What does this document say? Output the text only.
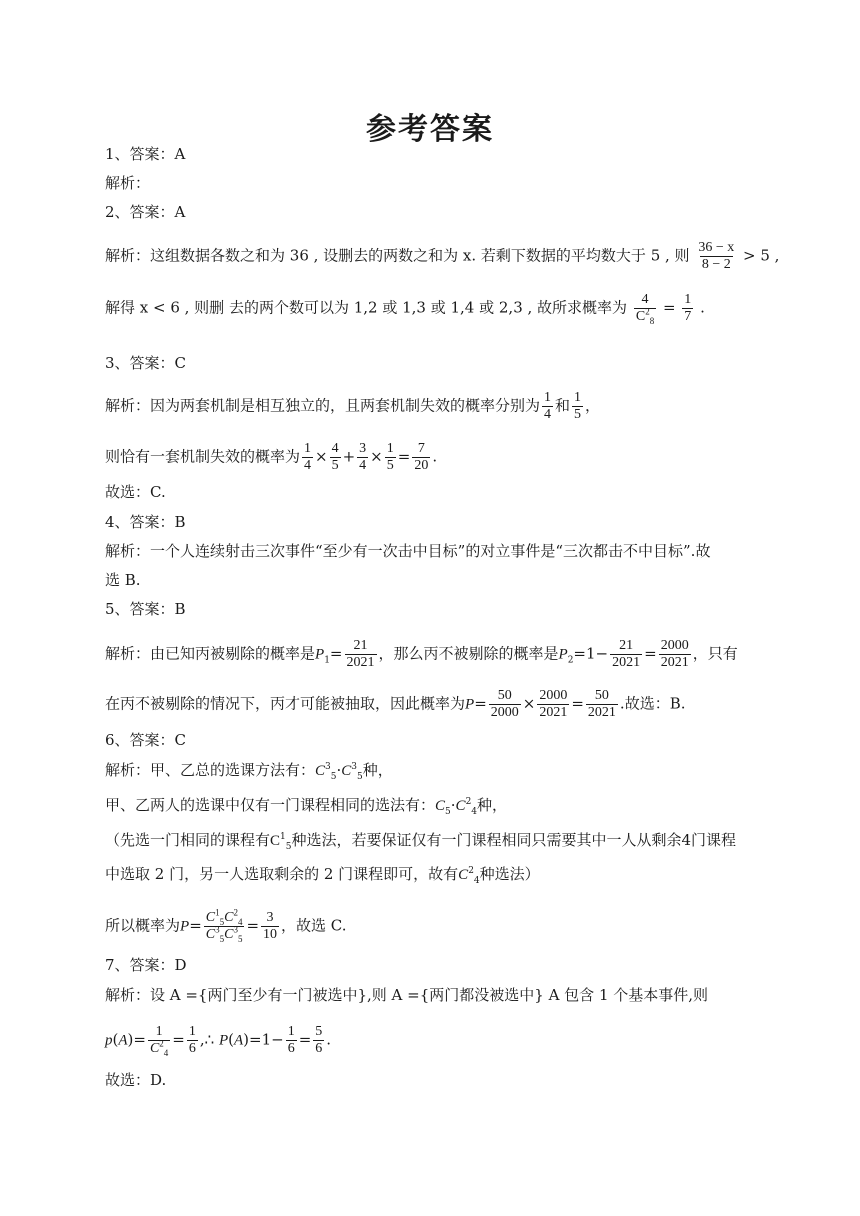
参考答案
1、答案：A
解析：
2、答案：A
解析：这组数据各数之和为 36 , 设删去的两数之和为 x. 若剩下数据的平均数大于 5 , 则 $\frac{36 - x}{8 - 2} > 5$ ,
解得 x < 6 , 则删 去的两个数可以为 1,2 或 1,3 或 1,4 或 2,3 , 故所求概率为 $\frac{4}{C^2_8} = \frac{1}{7}$ .
3、答案：C
解析：因为两套机制是相互独立的，且两套机制失效的概率分别为 $\frac{1}{4}$ 和 $\frac{1}{5}$ ，
则恰有一套机制失效的概率为 $\frac{1}{4} \times \frac{4}{5} + \frac{3}{4} \times \frac{1}{5} = \frac{7}{20}$ .
故选：C.
4、答案：B
解析：一个人连续射击三次事件“至少有一次击中目标”的对立事件是“三次都击不中目标”.故
选 B.
5、答案：B
解析：由已知丙被剔除的概率是$P_1= \frac{21}{2021}$ ，那么丙不被剔除的概率是$P_2=1- \frac{21}{2021} = \frac{2000}{2021}$ ，只有
在丙不被剔除的情况下，丙才可能被抽取，因此概率为$P= \frac{50}{2000} \times \frac{2000}{2021} = \frac{50}{2021}$ .故选：B.
6、答案：C
解析：甲、乙总的选课方法有：$C^3_5\cdot C^3_5$种，
甲、乙两人的选课中仅有一门课程相同的选法有：$C_5\cdot C^2_4$种，
（先选一门相同的课程有$C^1_5$种选法，若要保证仅有一门课程相同只需要其中一人从剩余4门课程
中选取 2 门，另一人选取剩余的 2 门课程即可，故有$C^2_4$种选法）
所以概率为$P= \frac{C^1_5C^2_4}{C^3_5C^3_5} = \frac{3}{10}$ ，故选 C.
7、答案：D
解析：设 A ={两门至少有一门被选中},则 A ={两门都没被选中} A 包含 1 个基本事件,则
$p(A)= \frac{1}{C^2_4} = \frac{1}{6}$ ,∴ $P(A)=1- \frac{1}{6} = \frac{5}{6}$ .
故选：D.
